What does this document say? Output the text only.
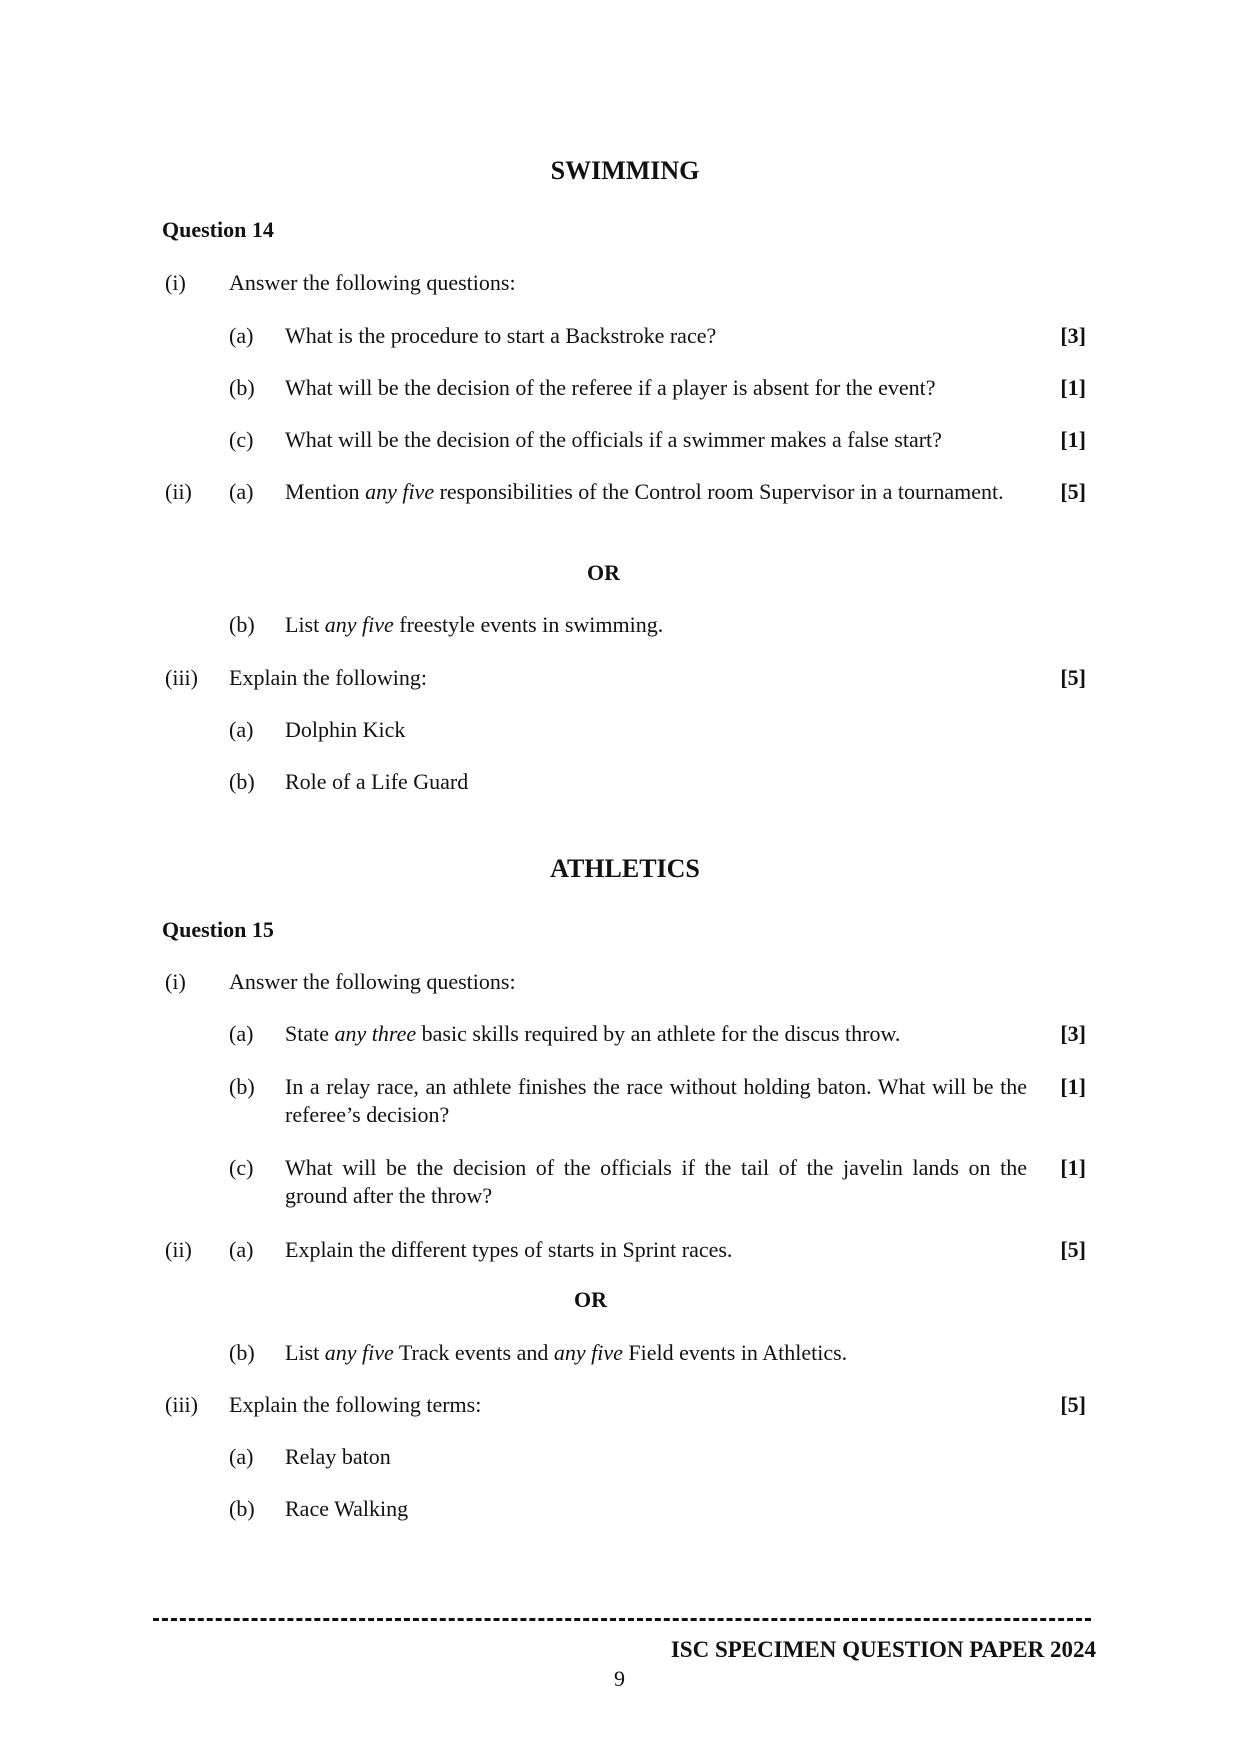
SWIMMING
Question 14
(i) Answer the following questions:
(a) What is the procedure to start a Backstroke race?	[3]
(b) What will be the decision of the referee if a player is absent for the event?	[1]
(c) What will be the decision of the officials if a swimmer makes a false start?	[1]
(ii) (a) Mention any five responsibilities of the Control room Supervisor in a tournament.	[5]
OR
(b) List any five freestyle events in swimming.
(iii) Explain the following:	[5]
(a) Dolphin Kick
(b) Role of a Life Guard
ATHLETICS
Question 15
(i) Answer the following questions:
(a) State any three basic skills required by an athlete for the discus throw.	[3]
(b) In a relay race, an athlete finishes the race without holding baton. What will be the referee’s decision?
[1]
(c) What will be the decision of the officials if the tail of the javelin lands on the ground after the throw?
[1]
(ii) (a) Explain the different types of starts in Sprint races.	[5]
OR
(b) List any five Track events and any five Field events in Athletics.
(iii) Explain the following terms:	[5]
(a) Relay baton
(b) Race Walking
ISC SPECIMEN QUESTION PAPER 2024
9
